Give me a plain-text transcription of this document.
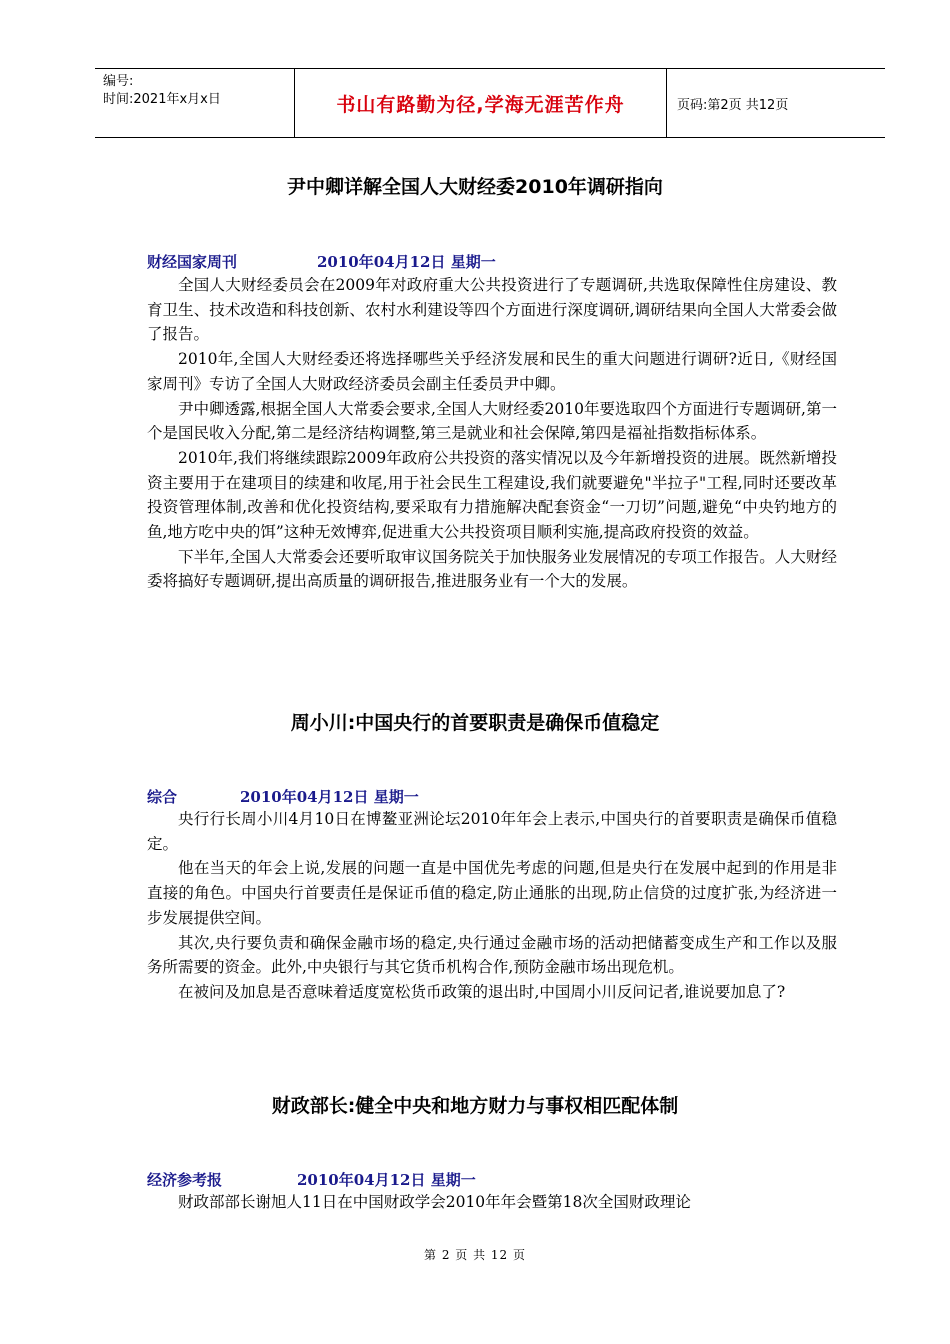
编号:
时间:2021年x月x日	书山有路勤为径,学海无涯苦作舟	页码:第2页 共12页
尹中卿详解全国人大财经委2010年调研指向
财经国家周刊	2010年04月12日 星期一

全国人大财经委员会在2009年对政府重大公共投资进行了专题调研,共选取保障性住房建设、教育卫生、技术改造和科技创新、农村水利建设等四个方面进行深度调研,调研结果向全国人大常委会做了报告。

2010年,全国人大财经委还将选择哪些关乎经济发展和民生的重大问题进行调研?近日,《财经国家周刊》专访了全国人大财政经济委员会副主任委员尹中卿。

尹中卿透露,根据全国人大常委会要求,全国人大财经委2010年要选取四个方面进行专题调研,第一个是国民收入分配,第二是经济结构调整,第三是就业和社会保障,第四是福祉指数指标体系。

2010年,我们将继续跟踪2009年政府公共投资的落实情况以及今年新增投资的进展。既然新增投资主要用于在建项目的续建和收尾,用于社会民生工程建设,我们就要避免"半拉子"工程,同时还要改革投资管理体制,改善和优化投资结构,要采取有力措施解决配套资金“一刀切”问题,避免“中央钓地方的鱼,地方吃中央的饵”这种无效博弈,促进重大公共投资项目顺利实施,提高政府投资的效益。

下半年,全国人大常委会还要听取审议国务院关于加快服务业发展情况的专项工作报告。人大财经委将搞好专题调研,提出高质量的调研报告,推进服务业有一个大的发展。

周小川:中国央行的首要职责是确保币值稳定
综合	2010年04月12日 星期一

央行行长周小川4月10日在博鳌亚洲论坛2010年年会上表示,中国央行的首要职责是确保币值稳定。

他在当天的年会上说,发展的问题一直是中国优先考虑的问题,但是央行在发展中起到的作用是非直接的角色。中国央行首要责任是保证币值的稳定,防止通胀的出现,防止信贷的过度扩张,为经济进一步发展提供空间。

其次,央行要负责和确保金融市场的稳定,央行通过金融市场的活动把储蓄变成生产和工作以及服务所需要的资金。此外,中央银行与其它货币机构合作,预防金融市场出现危机。

在被问及加息是否意味着适度宽松货币政策的退出时,中国周小川反问记者,谁说要加息了?

财政部长:健全中央和地方财力与事权相匹配体制
经济参考报	2010年04月12日 星期一

财政部部长谢旭人11日在中国财政学会2010年年会暨第18次全国财政理论

第 2 页 共 12 页
